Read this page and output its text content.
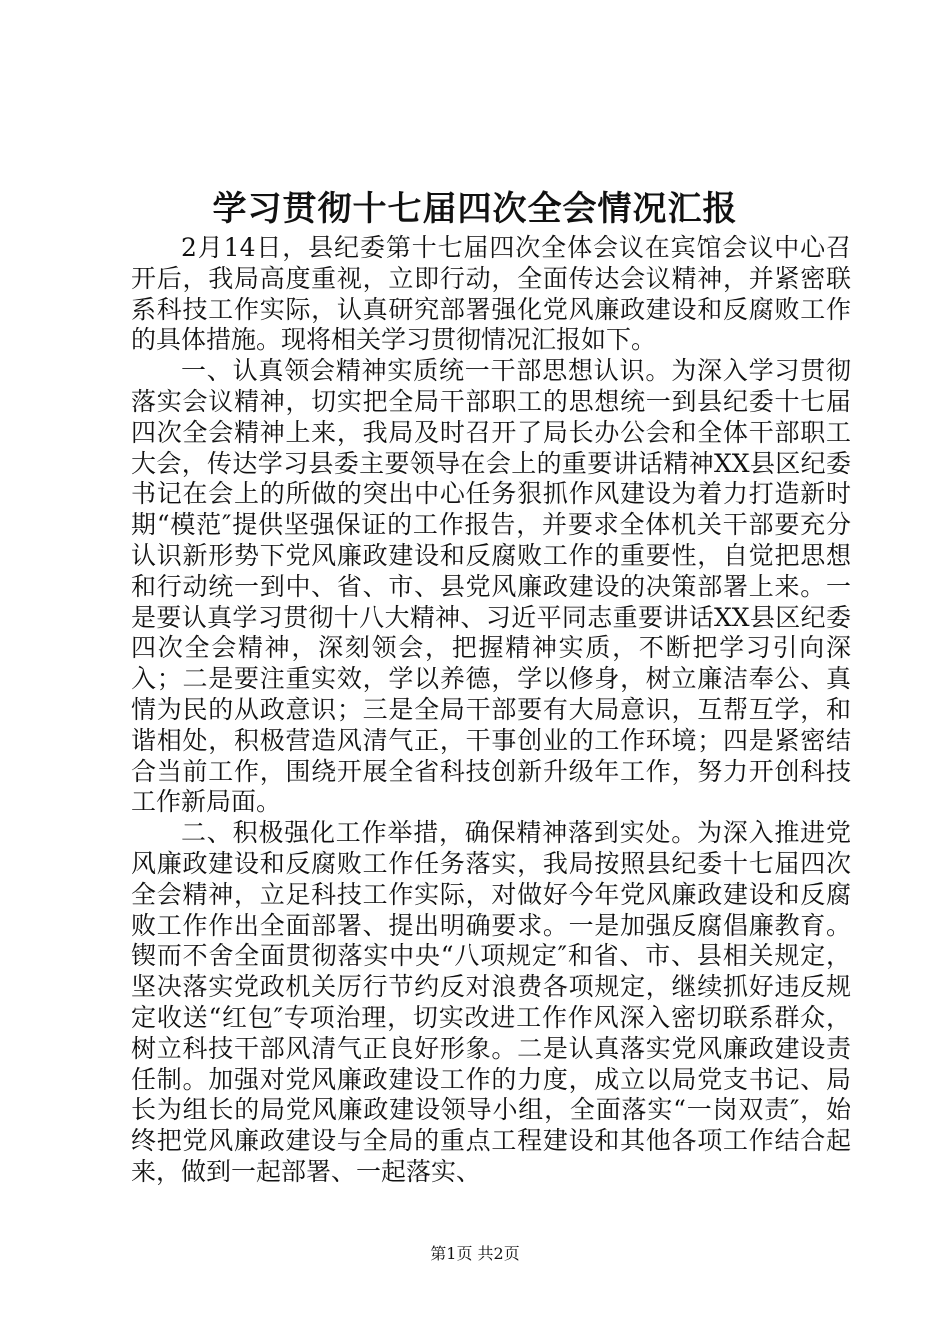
学习贯彻十七届四次全会情况汇报

2月14日，县纪委第十七届四次全体会议在宾馆会议中心召开后，我局高度重视，立即行动，全面传达会议精神，并紧密联系科技工作实际，认真研究部署强化党风廉政建设和反腐败工作的具体措施。现将相关学习贯彻情况汇报如下。

一、认真领会精神实质统一干部思想认识。为深入学习贯彻落实会议精神，切实把全局干部职工的思想统一到县纪委十七届四次全会精神上来，我局及时召开了局长办公会和全体干部职工大会，传达学习县委主要领导在会上的重要讲话精神XX县区纪委书记在会上的所做的突出中心任务狠抓作风建设为着力打造新时期“模范″提供坚强保证的工作报告，并要求全体机关干部要充分认识新形势下党风廉政建设和反腐败工作的重要性，自觉把思想和行动统一到中、省、市、县党风廉政建设的决策部署上来。一是要认真学习贯彻十八大精神、习近平同志重要讲话XX县区纪委四次全会精神，深刻领会，把握精神实质，不断把学习引向深入；二是要注重实效，学以养德，学以修身，树立廉洁奉公、真情为民的从政意识；三是全局干部要有大局意识，互帮互学，和谐相处，积极营造风清气正，干事创业的工作环境；四是紧密结合当前工作，围绕开展全省科技创新升级年工作，努力开创科技工作新局面。

二、积极强化工作举措，确保精神落到实处。为深入推进党风廉政建设和反腐败工作任务落实，我局按照县纪委十七届四次全会精神，立足科技工作实际，对做好今年党风廉政建设和反腐败工作作出全面部署、提出明确要求。一是加强反腐倡廉教育。锲而不舍全面贯彻落实中央“八项规定″和省、市、县相关规定，坚决落实党政机关厉行节约反对浪费各项规定，继续抓好违反规定收送“红包″专项治理，切实改进工作作风深入密切联系群众，树立科技干部风清气正良好形象。二是认真落实党风廉政建设责任制。加强对党风廉政建设工作的力度，成立以局党支书记、局长为组长的局党风廉政建设领导小组，全面落实“一岗双责″，始终把党风廉政建设与全局的重点工程建设和其他各项工作结合起来，做到一起部署、一起落实、

第1页 共2页
